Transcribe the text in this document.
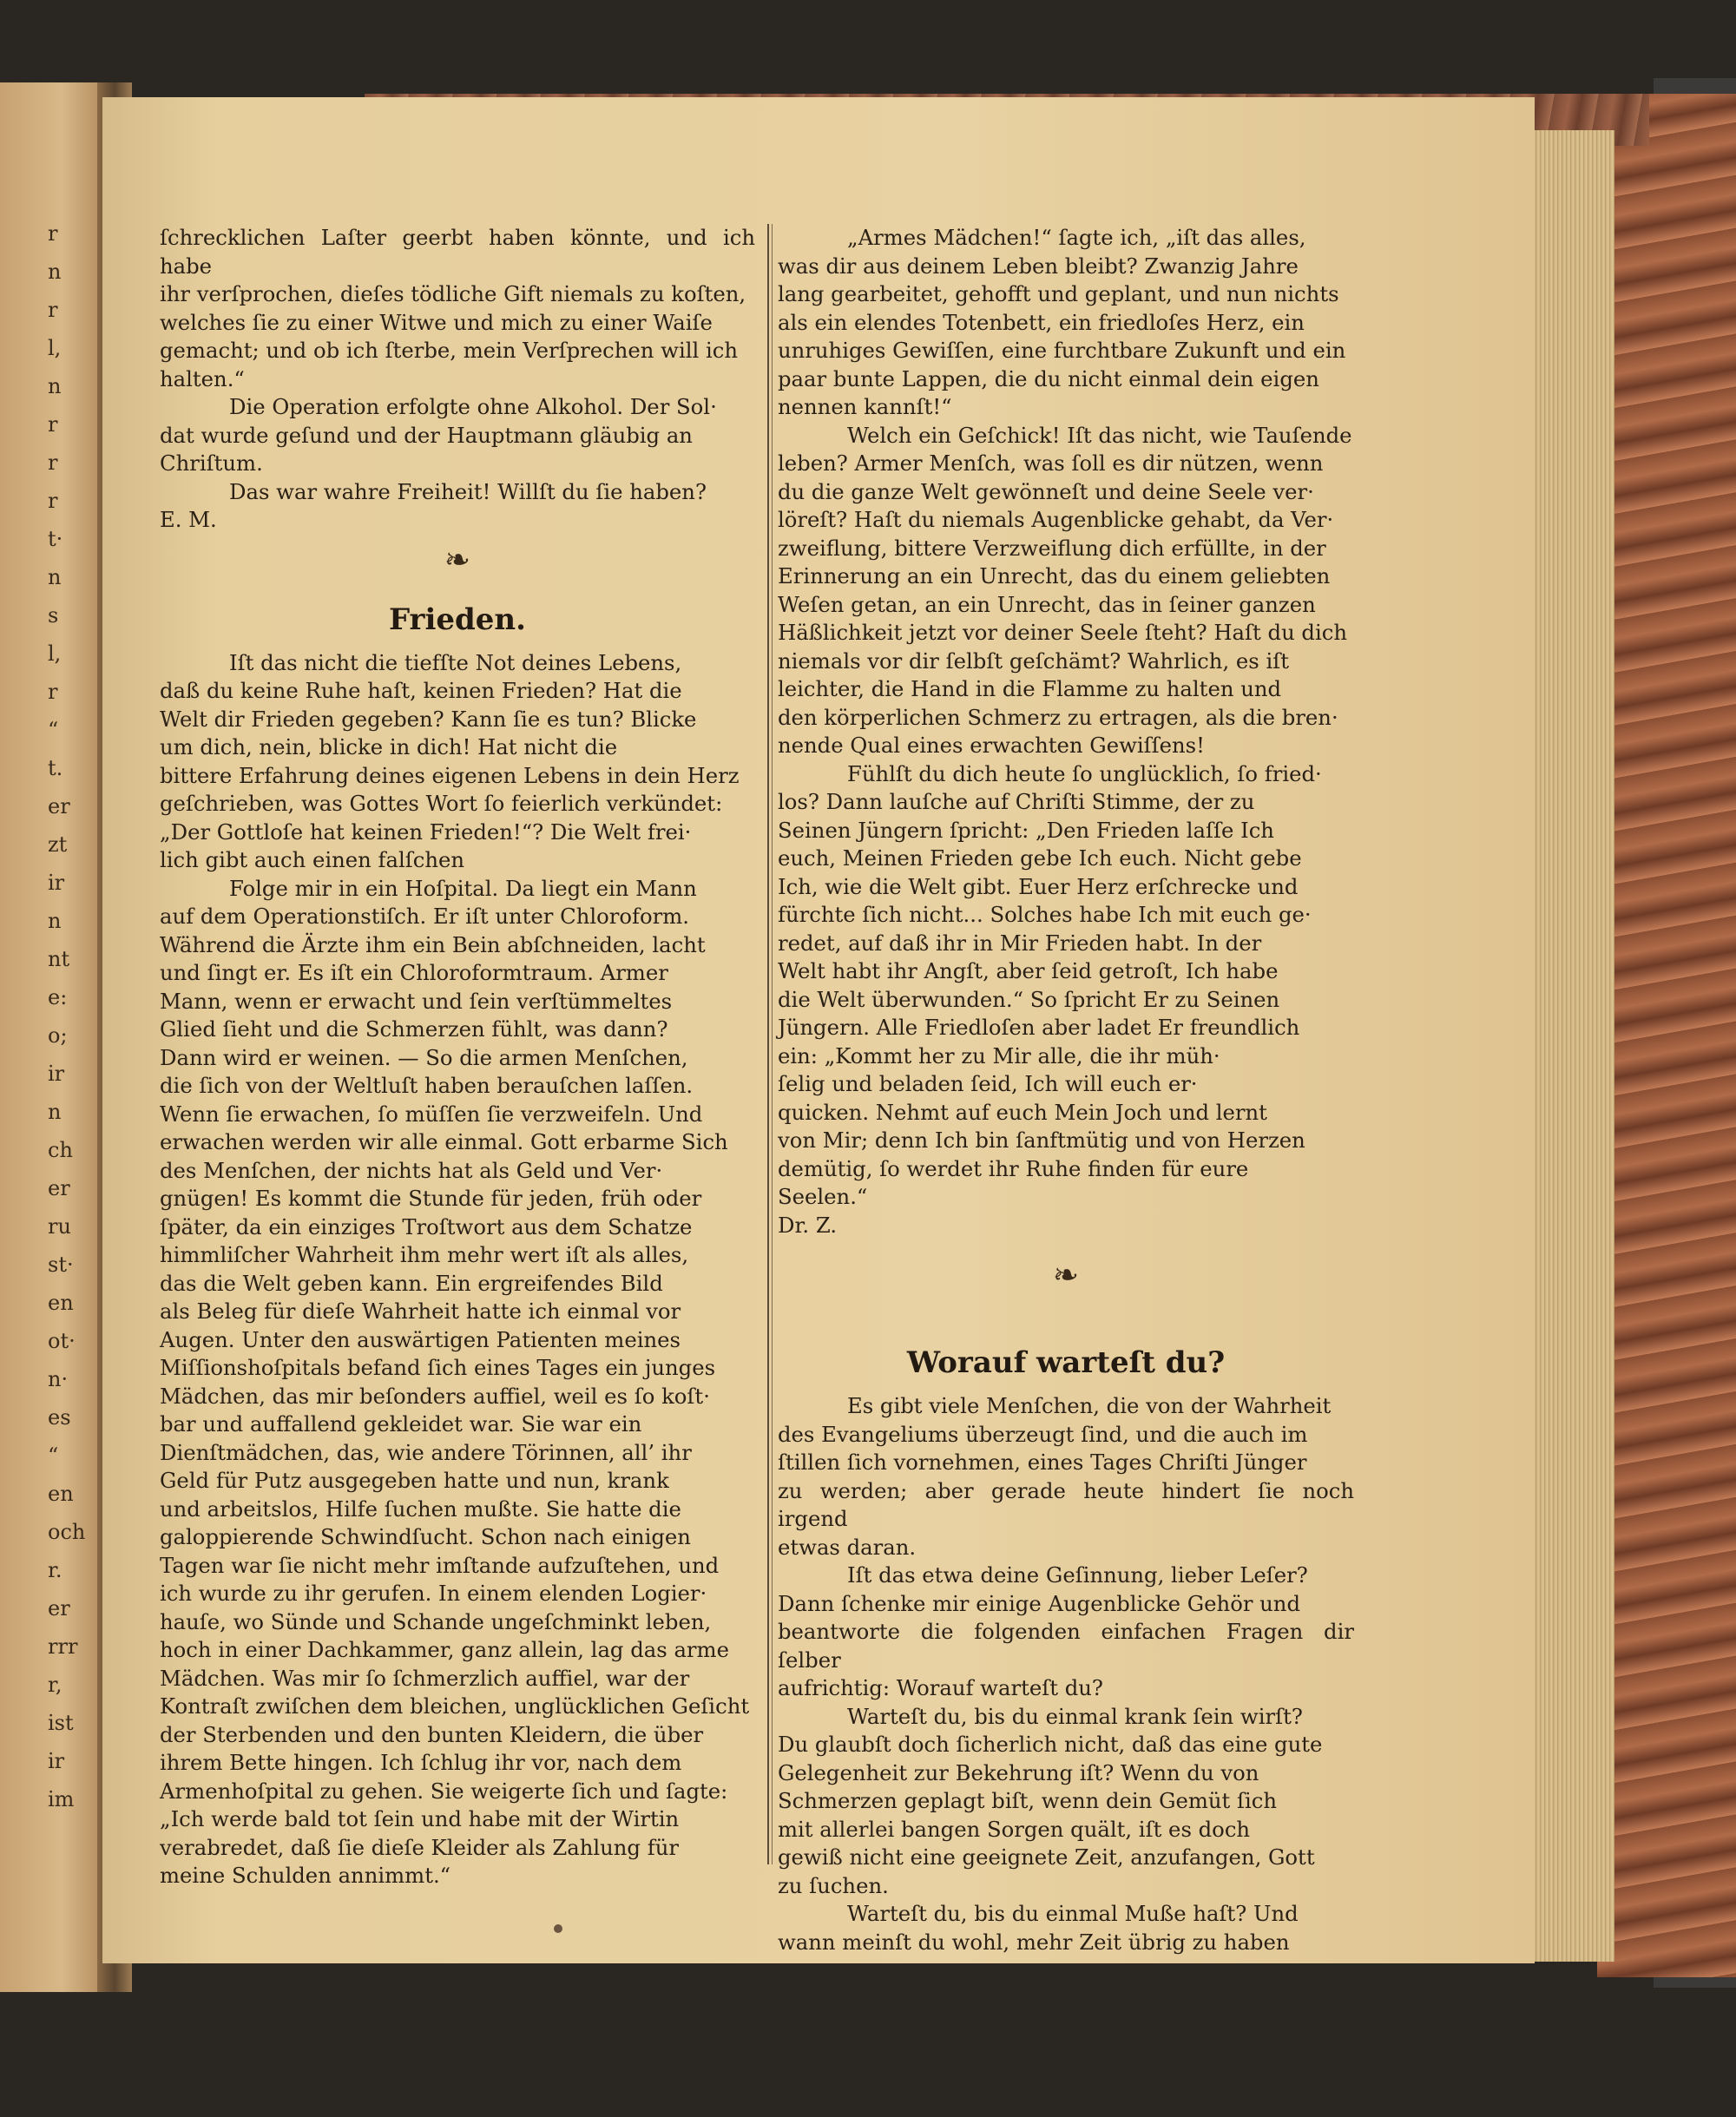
r
n
r
l,
n
r
r
r
t·
n
s
l,
r
“
t.
er
zt
ir
n
nt
e:
o;
ir
n
ch
er
ru
st·
en
ot·
n·
es
“
en
och
r.
er
rrr
r,
ist
ir
im

ſchrecklichen Laſter geerbt haben könnte, und ich habe
ihr verſprochen, dieſes tödliche Gift niemals zu koſten,
welches ſie zu einer Witwe und mich zu einer Waiſe
gemacht; und ob ich ſterbe, mein Verſprechen will ich
halten.“

Die Operation erfolgte ohne Alkohol. Der Sol·
dat wurde geſund und der Hauptmann gläubig an
Chriſtum.

Das war wahre Freiheit! Willſt du ſie haben?

E. M.

❧
Frieden.

Iſt das nicht die tiefſte Not deines Lebens,
daß du keine Ruhe haſt, keinen Frieden? Hat die
Welt dir Frieden gegeben? Kann ſie es tun? Blicke
um dich, nein, blicke in dich! Hat nicht die
bittere Erfahrung deines eigenen Lebens in dein Herz
geſchrieben, was Gottes Wort ſo feierlich verkündet:
„Der Gottloſe hat keinen Frieden!“? Die Welt frei·
lich gibt auch einen falſchen

Folge mir in ein Hoſpital. Da liegt ein Mann
auf dem Operationstiſch. Er iſt unter Chloroform.
Während die Ärzte ihm ein Bein abſchneiden, lacht
und ſingt er. Es iſt ein Chloroformtraum. Armer
Mann, wenn er erwacht und ſein verſtümmeltes
Glied ſieht und die Schmerzen fühlt, was dann?
Dann wird er weinen. — So die armen Menſchen,
die ſich von der Weltluſt haben berauſchen laſſen.
Wenn ſie erwachen, ſo müſſen ſie verzweifeln. Und
erwachen werden wir alle einmal. Gott erbarme Sich
des Menſchen, der nichts hat als Geld und Ver·
gnügen! Es kommt die Stunde für jeden, früh oder
ſpäter, da ein einziges Troſtwort aus dem Schatze
himmliſcher Wahrheit ihm mehr wert iſt als alles,
das die Welt geben kann. Ein ergreifendes Bild
als Beleg für dieſe Wahrheit hatte ich einmal vor
Augen. Unter den auswärtigen Patienten meines
Miſſionshoſpitals befand ſich eines Tages ein junges
Mädchen, das mir beſonders auffiel, weil es ſo koſt·
bar und auffallend gekleidet war. Sie war ein
Dienſtmädchen, das, wie andere Törinnen, all’ ihr
Geld für Putz ausgegeben hatte und nun, krank
und arbeitslos, Hilfe ſuchen mußte. Sie hatte die
galoppierende Schwindſucht. Schon nach einigen
Tagen war ſie nicht mehr imſtande aufzuſtehen, und
ich wurde zu ihr gerufen. In einem elenden Logier·
hauſe, wo Sünde und Schande ungeſchminkt leben,
hoch in einer Dachkammer, ganz allein, lag das arme
Mädchen. Was mir ſo ſchmerzlich auffiel, war der
Kontraſt zwiſchen dem bleichen, unglücklichen Geſicht
der Sterbenden und den bunten Kleidern, die über
ihrem Bette hingen. Ich ſchlug ihr vor, nach dem
Armenhoſpital zu gehen. Sie weigerte ſich und ſagte:
„Ich werde bald tot ſein und habe mit der Wirtin
verabredet, daß ſie dieſe Kleider als Zahlung für
meine Schulden annimmt.“

„Armes Mädchen!“ ſagte ich, „iſt das alles,
was dir aus deinem Leben bleibt? Zwanzig Jahre
lang gearbeitet, gehofft und geplant, und nun nichts
als ein elendes Totenbett, ein friedloſes Herz, ein
unruhiges Gewiſſen, eine furchtbare Zukunft und ein
paar bunte Lappen, die du nicht einmal dein eigen
nennen kannſt!“

Welch ein Geſchick! Iſt das nicht, wie Tauſende
leben? Armer Menſch, was ſoll es dir nützen, wenn
du die ganze Welt gewönneſt und deine Seele ver·
löreſt? Haſt du niemals Augenblicke gehabt, da Ver·
zweiflung, bittere Verzweiflung dich erfüllte, in der
Erinnerung an ein Unrecht, das du einem geliebten
Weſen getan, an ein Unrecht, das in ſeiner ganzen
Häßlichkeit jetzt vor deiner Seele ſteht? Haſt du dich
niemals vor dir ſelbſt geſchämt? Wahrlich, es iſt
leichter, die Hand in die Flamme zu halten und
den körperlichen Schmerz zu ertragen, als die bren·
nende Qual eines erwachten Gewiſſens!

Fühlſt du dich heute ſo unglücklich, ſo fried·
los? Dann lauſche auf Chriſti Stimme, der zu
Seinen Jüngern ſpricht: „Den Frieden laſſe Ich
euch, Meinen Frieden gebe Ich euch. Nicht gebe
Ich, wie die Welt gibt. Euer Herz erſchrecke und
fürchte ſich nicht... Solches habe Ich mit euch ge·
redet, auf daß ihr in Mir Frieden habt. In der
Welt habt ihr Angſt, aber ſeid getroſt, Ich habe
die Welt überwunden.“ So ſpricht Er zu Seinen
Jüngern. Alle Friedloſen aber ladet Er freundlich
ein: „Kommt her zu Mir alle, die ihr müh·
ſelig und beladen ſeid, Ich will euch er·
quicken. Nehmt auf euch Mein Joch und lernt
von Mir; denn Ich bin ſanftmütig und von Herzen
demütig, ſo werdet ihr Ruhe finden für eure
Seelen.“

Dr. Z.

❧
Worauf warteſt du?

Es gibt viele Menſchen, die von der Wahrheit
des Evangeliums überzeugt ſind, und die auch im
ſtillen ſich vornehmen, eines Tages Chriſti Jünger
zu werden; aber gerade heute hindert ſie noch irgend
etwas daran.

Iſt das etwa deine Geſinnung, lieber Leſer?
Dann ſchenke mir einige Augenblicke Gehör und
beantworte die folgenden einfachen Fragen dir ſelber
aufrichtig: Worauf warteſt du?

Warteſt du, bis du einmal krank ſein wirſt?
Du glaubſt doch ſicherlich nicht, daß das eine gute
Gelegenheit zur Bekehrung iſt? Wenn du von
Schmerzen geplagt biſt, wenn dein Gemüt ſich
mit allerlei bangen Sorgen quält, iſt es doch
gewiß nicht eine geeignete Zeit, anzufangen, Gott
zu ſuchen.

Warteſt du, bis du einmal Muße haſt? Und
wann meinſt du wohl, mehr Zeit übrig zu haben
